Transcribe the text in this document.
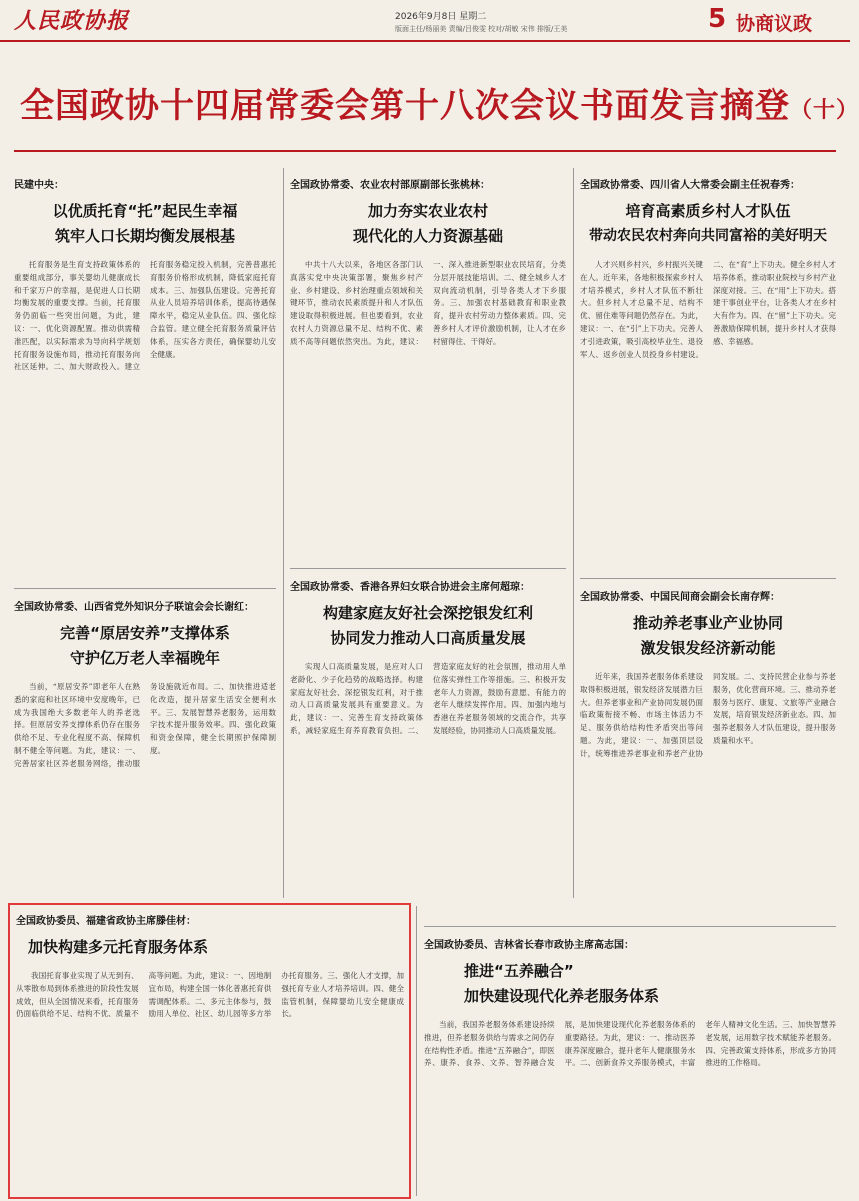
人民政协报	2026年9月8日 星期二
版面主任/杨丽美 责编/吕俊雯 校对/胡敏 宋伟 排版/王美	5 协商议政
全国政协十四届常委会第十八次会议书面发言摘登（十）
民建中央：
以优质托育“托”起民生幸福
筑牢人口长期均衡发展根基
托育服务是生育支持政策体系的重要组成部分，事关婴幼儿健康成长和千家万户的幸福，是促进人口长期均衡发展的重要支撑。当前，托育服务仍面临一些突出问题，为此，建议：一、优化资源配置。推动供需精准匹配，以实际需求为导向科学规划托育服务设施布局，推动托育服务向社区延伸。二、加大财政投入。建立托育服务稳定投入机制，完善普惠托育服务价格形成机制，降低家庭托育成本。三、加强队伍建设。完善托育从业人员培养培训体系，提高待遇保障水平，稳定从业队伍。四、强化综合监管。建立健全托育服务质量评估体系，压实各方责任，确保婴幼儿安全健康。
全国政协常委、农业农村部原副部长张桃林：
加力夯实农业农村
现代化的人力资源基础
中共十八大以来，各地区各部门认真落实党中央决策部署，聚焦乡村产业、乡村建设、乡村治理重点领域和关键环节，推动农民素质提升和人才队伍建设取得积极进展。但也要看到，农业农村人力资源总量不足、结构不优、素质不高等问题依然突出。为此，建议：一、深入推进新型职业农民培育，分类分层开展技能培训。二、健全城乡人才双向流动机制，引导各类人才下乡服务。三、加强农村基础教育和职业教育，提升农村劳动力整体素质。四、完善乡村人才评价激励机制，让人才在乡村留得住、干得好。
全国政协常委、四川省人大常委会副主任祝春秀：
培育高素质乡村人才队伍
带动农民农村奔向共同富裕的美好明天
人才兴则乡村兴，乡村振兴关键在人。近年来，各地积极探索乡村人才培养模式，乡村人才队伍不断壮大。但乡村人才总量不足、结构不优、留住难等问题仍然存在。为此，建议：一、在“引”上下功夫。完善人才引进政策，吸引高校毕业生、退役军人、返乡创业人员投身乡村建设。二、在“育”上下功夫。健全乡村人才培养体系，推动职业院校与乡村产业深度对接。三、在“用”上下功夫。搭建干事创业平台，让各类人才在乡村大有作为。四、在“留”上下功夫。完善激励保障机制，提升乡村人才获得感、幸福感。
全国政协常委、山西省党外知识分子联谊会会长谢红：
完善“原居安养”支撑体系
守护亿万老人幸福晚年
当前，“原居安养”即老年人在熟悉的家庭和社区环境中安度晚年，已成为我国绝大多数老年人的养老选择。但原居安养支撑体系仍存在服务供给不足、专业化程度不高、保障机制不健全等问题。为此，建议：一、完善居家社区养老服务网络，推动服务设施就近布局。二、加快推进适老化改造，提升居家生活安全便利水平。三、发展智慧养老服务，运用数字技术提升服务效率。四、强化政策和资金保障，健全长期照护保障制度。
全国政协常委、香港各界妇女联合协进会主席何超琼：
构建家庭友好社会深挖银发红利
协同发力推动人口高质量发展
实现人口高质量发展，是应对人口老龄化、少子化趋势的战略选择。构建家庭友好社会、深挖银发红利，对于推动人口高质量发展具有重要意义。为此，建议：一、完善生育支持政策体系，减轻家庭生育养育教育负担。二、营造家庭友好的社会氛围，推动用人单位落实弹性工作等措施。三、积极开发老年人力资源，鼓励有意愿、有能力的老年人继续发挥作用。四、加强内地与香港在养老服务领域的交流合作，共享发展经验，协同推动人口高质量发展。
全国政协常委、中国民间商会副会长南存辉：
推动养老事业产业协同
激发银发经济新动能
近年来，我国养老服务体系建设取得积极进展，银发经济发展潜力巨大。但养老事业和产业协同发展仍面临政策衔接不畅、市场主体活力不足、服务供给结构性矛盾突出等问题。为此，建议：一、加强顶层设计，统筹推进养老事业和养老产业协同发展。二、支持民营企业参与养老服务，优化营商环境。三、推动养老服务与医疗、康复、文旅等产业融合发展，培育银发经济新业态。四、加强养老服务人才队伍建设，提升服务质量和水平。
全国政协委员、福建省政协主席滕佳材：
加快构建多元托育服务体系
我国托育事业实现了从无到有、从零散布局到体系推进的阶段性发展成效，但从全国情况来看，托育服务仍面临供给不足、结构不优、质量不高等问题。为此，建议：一、因地制宜布局，构建全国一体化普惠托育供需调配体系。二、多元主体参与，鼓励用人单位、社区、幼儿园等多方举办托育服务。三、强化人才支撑，加强托育专业人才培养培训。四、健全监管机制，保障婴幼儿安全健康成长。
全国政协委员、吉林省长春市政协主席高志国：
推进“五养融合”
加快建设现代化养老服务体系
当前，我国养老服务体系建设持续推进，但养老服务供给与需求之间仍存在结构性矛盾。推进“五养融合”，即医养、康养、食养、文养、智养融合发展，是加快建设现代化养老服务体系的重要路径。为此，建议：一、推动医养康养深度融合，提升老年人健康服务水平。二、创新食养文养服务模式，丰富老年人精神文化生活。三、加快智慧养老发展，运用数字技术赋能养老服务。四、完善政策支持体系，形成多方协同推进的工作格局。
